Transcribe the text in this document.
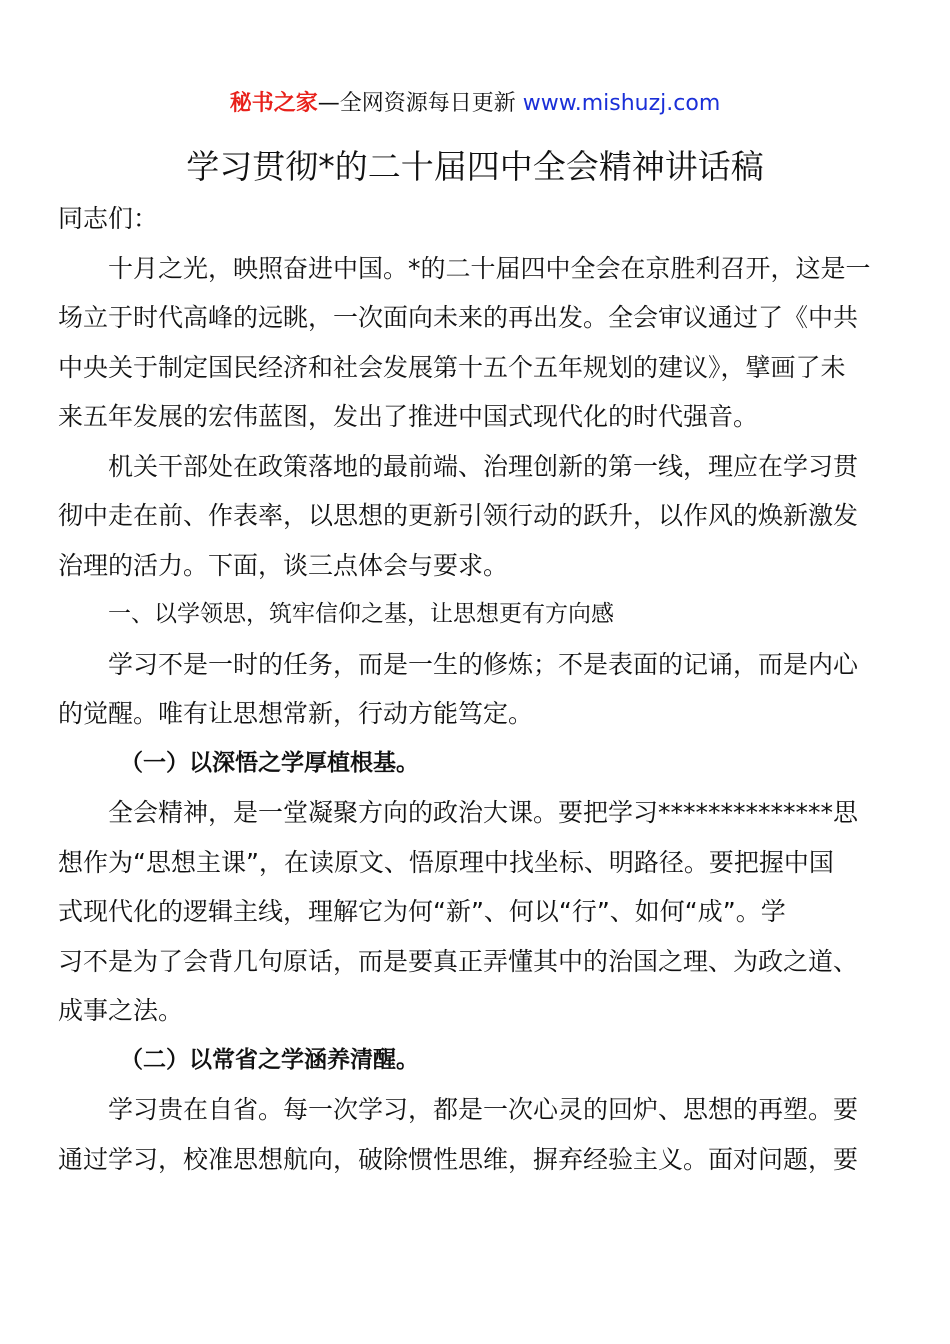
秘书之家—全网资源每日更新 www.mishuzj.com
学习贯彻*的二十届四中全会精神讲话稿
同志们：
十月之光，映照奋进中国。*的二十届四中全会在京胜利召开，这是一
场立于时代高峰的远眺，一次面向未来的再出发。全会审议通过了《中共
中央关于制定国民经济和社会发展第十五个五年规划的建议》，擘画了未
来五年发展的宏伟蓝图，发出了推进中国式现代化的时代强音。
机关干部处在政策落地的最前端、治理创新的第一线，理应在学习贯
彻中走在前、作表率，以思想的更新引领行动的跃升，以作风的焕新激发
治理的活力。下面，谈三点体会与要求。
一、以学领思，筑牢信仰之基，让思想更有方向感
学习不是一时的任务，而是一生的修炼；不是表面的记诵，而是内心
的觉醒。唯有让思想常新，行动方能笃定。
（一）以深悟之学厚植根基。
全会精神，是一堂凝聚方向的政治大课。要把学习**************思
想作为“思想主课”，在读原文、悟原理中找坐标、明路径。要把握中国
式现代化的逻辑主线，理解它为何“新”、何以“行”、如何“成”。学
习不是为了会背几句原话，而是要真正弄懂其中的治国之理、为政之道、
成事之法。
（二）以常省之学涵养清醒。
学习贵在自省。每一次学习，都是一次心灵的回炉、思想的再塑。要
通过学习，校准思想航向，破除惯性思维，摒弃经验主义。面对问题，要
